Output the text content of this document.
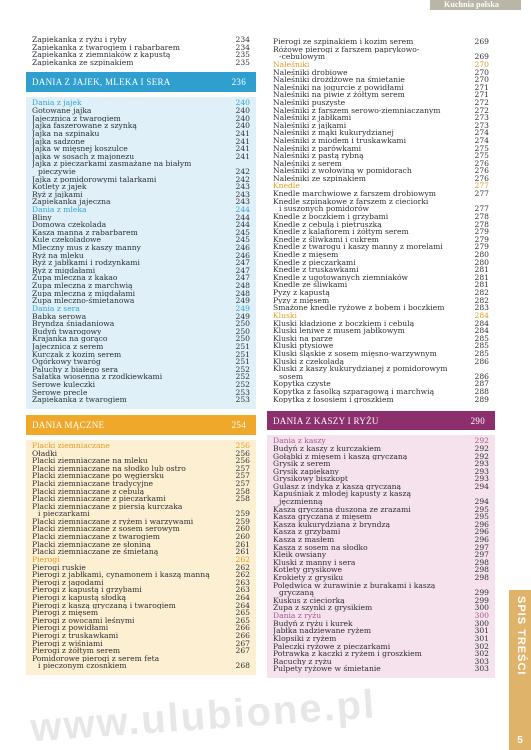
Kuchnia polska
Zapiekanka z ryżu i ryby	234
Zapiekanka z twarogiem i rabarbarem	234
Zapiekanka z ziemniaków z kapustą	235
Zapiekanka ze szpinakiem	235
DANIA Z JAJEK, MLEKA I SERA	236
Dania z jajek	240
Gotowane jajka	240
Jajecznica z twarogiem	240
Jajka faszerowane z szynką	240
Jajka na szpinaku	241
Jajka sadzone	241
Jajka w mięsnej koszulce	241
Jajka w sosach z majonezu	241
Jajka z pieczarkami zasmażane na białym
pieczywie	242
Jajka z pomidorowymi talarkami	242
Kotlety z jajek	243
Ryż z jajkami	243
Zapiekanka jajeczna	243
Dania z mleka	244
Bliny	244
Domowa czekolada	244
Kasza manna z rabarbarem	245
Kule czekoladowe	245
Mleczny mus z kaszy manny	246
Ryż na mleku	246
Ryż z jabłkami i rodzynkami	247
Ryż z migdałami	247
Zupa mleczna z kakao	247
Zupa mleczna z marchwią	248
Zupa mleczna z migdałami	248
Zupa mleczno-śmietanowa	249
Dania z sera	249
Babka serowa	249
Bryndza śniadaniowa	250
Budyń twarogowy	250
Krajanka na gorąco	250
Jajecznica z serem	251
Kurczak z kozim serem	251
Ogórkowy twaróg	251
Paluchy z białego sera	252
Sałatka wiosenna z rzodkiewkami	252
Serowe kuleczki	252
Serowe precle	253
Zapiekanka z twarogiem	253
DANIA MĄCZNE	254
Placki ziemniaczane	256
Oładki	256
Placki ziemniaczane na mleku	256
Placki ziemniaczane na słodko lub ostro	257
Placki ziemniaczane po węgiersku	257
Placki ziemniaczane tradycyjne	257
Placki ziemniaczane z cebulą	258
Placki ziemniaczane z pieczarkami	258
Placki ziemniaczane z piersią kurczaka
i pieczarkami	259
Placki ziemniaczane z ryżem i warzywami	259
Placki ziemniaczane z sosem serowym	260
Placki ziemniaczane z twarogiem	260
Placki ziemniaczane ze słoniną	261
Placki ziemniaczane ze śmietaną	261
Pierogi	262
Pierogi ruskie	262
Pierogi z jabłkami, cynamonem i kaszą manną	262
Pierogi z jagodami	263
Pierogi z kapustą i grzybami	263
Pierogi z kapustą słodką	264
Pierogi z kaszą gryczaną i twarogiem	264
Pierogi z mięsem	265
Pierogi z owocami leśnymi	265
Pierogi z powidłami	266
Pierogi z truskawkami	266
Pierogi z wiśniami	267
Pierogi z żółtym serem	267
Pomidorowe pierogi z serem feta
i pieczonym czosnkiem	268
Pierogi ze szpinakiem i kozim serem	269
Różowe pierogi z farszem paprykowo-
-cebulowym	269
Naleśniki	270
Naleśniki drobiowe	270
Naleśniki drożdżowe na śmietanie	270
Naleśniki na jogurcie z powidłami	271
Naleśniki na piwie z żółtym serem	271
Naleśniki puszyste	272
Naleśniki z farszem serowo-ziemniaczanym	272
Naleśniki z jabłkami	273
Naleśniki z jajkami	273
Naleśniki z mąki kukurydzianej	274
Naleśniki z miodem i truskawkami	274
Naleśniki z parówkami	275
Naleśniki z pastą rybną	275
Naleśniki z serem	276
Naleśniki z wołowiną w pomidorach	276
Naleśniki ze szpinakiem	276
Knedle	277
Knedle marchwiowe z farszem drobiowym	277
Knedle szpinakowe z farszem z cieciorki
i suszonych pomidorów	277
Knedle z boczkiem i grzybami	278
Knedle z cebulą i pietruszką	278
Knedle z kalafiorem i żółtym serem	279
Knedle z śliwkami i cukrem	279
Knedle z twarogu i kaszy manny z morelami	279
Knedle z mięsem	280
Knedle z pieczarkami	280
Knedle z truskawkami	281
Knedle z ugotowanych ziemniaków	281
Knedle ze śliwkami	281
Pyzy z kapustą	282
Pyzy z mięsem	282
Smażone knedle ryżowe z bobem i boczkiem	283
Kluski	284
Kluski kładzione z boczkiem i cebulą	284
Kluski leniwe z musem jabłkowym	284
Kluski na parze	285
Kluski ptysiowe	285
Kluski śląskie z sosem mięsno-warzywnym	285
Kluski z czekoladą	286
Kluski z kaszy kukurydzianej z pomidorowym
sosem	286
Kopytka czyste	287
Kopytka z fasolką szparagową i marchwią	288
Kopytka z łososiem i groszkiem	289
DANIA Z KASZY I RYŻU	290
Dania z kaszy	292
Budyń z kaszy z kurczakiem	292
Gołąbki z mięsem i kaszą gryczaną	292
Grysik z serem	293
Grysik zapiekany	293
Grysikowy biszkopt	293
Gulasz z indyka z kaszą gryczaną	294
Kapuśniak z młodej kapusty z kaszą
jęczmienną	294
Kasza gryczana duszona ze zrazami	295
Kasza gryczana z mięsem	295
Kasza kukurydziana z bryndzą	296
Kasza z grzybami	296
Kasza z masłem	296
Kasza z sosem na słodko	297
Kleik owsiany	297
Kluski z manny i sera	298
Kotlety grysikowe	298
Krokiety z grysiku	298
Polędwica w żurawinie z burakami i kaszą
gryczaną	299
Kuskus z cieciorką	299
Zupa z szynki z grysikiem	300
Dania z ryżu	300
Budyń z ryżu i kurek	300
Jabłka nadziewane ryżem	301
Klopsiki z ryżem	301
Paleczki ryżowe z pieczarkami	302
Potrawka z kaczki z ryżem i groszkiem	302
Racuchy z ryżu	303
Pulpety ryżowe w śmietanie	303 SPIS TREŚCI
5
www.ulubione.pl
